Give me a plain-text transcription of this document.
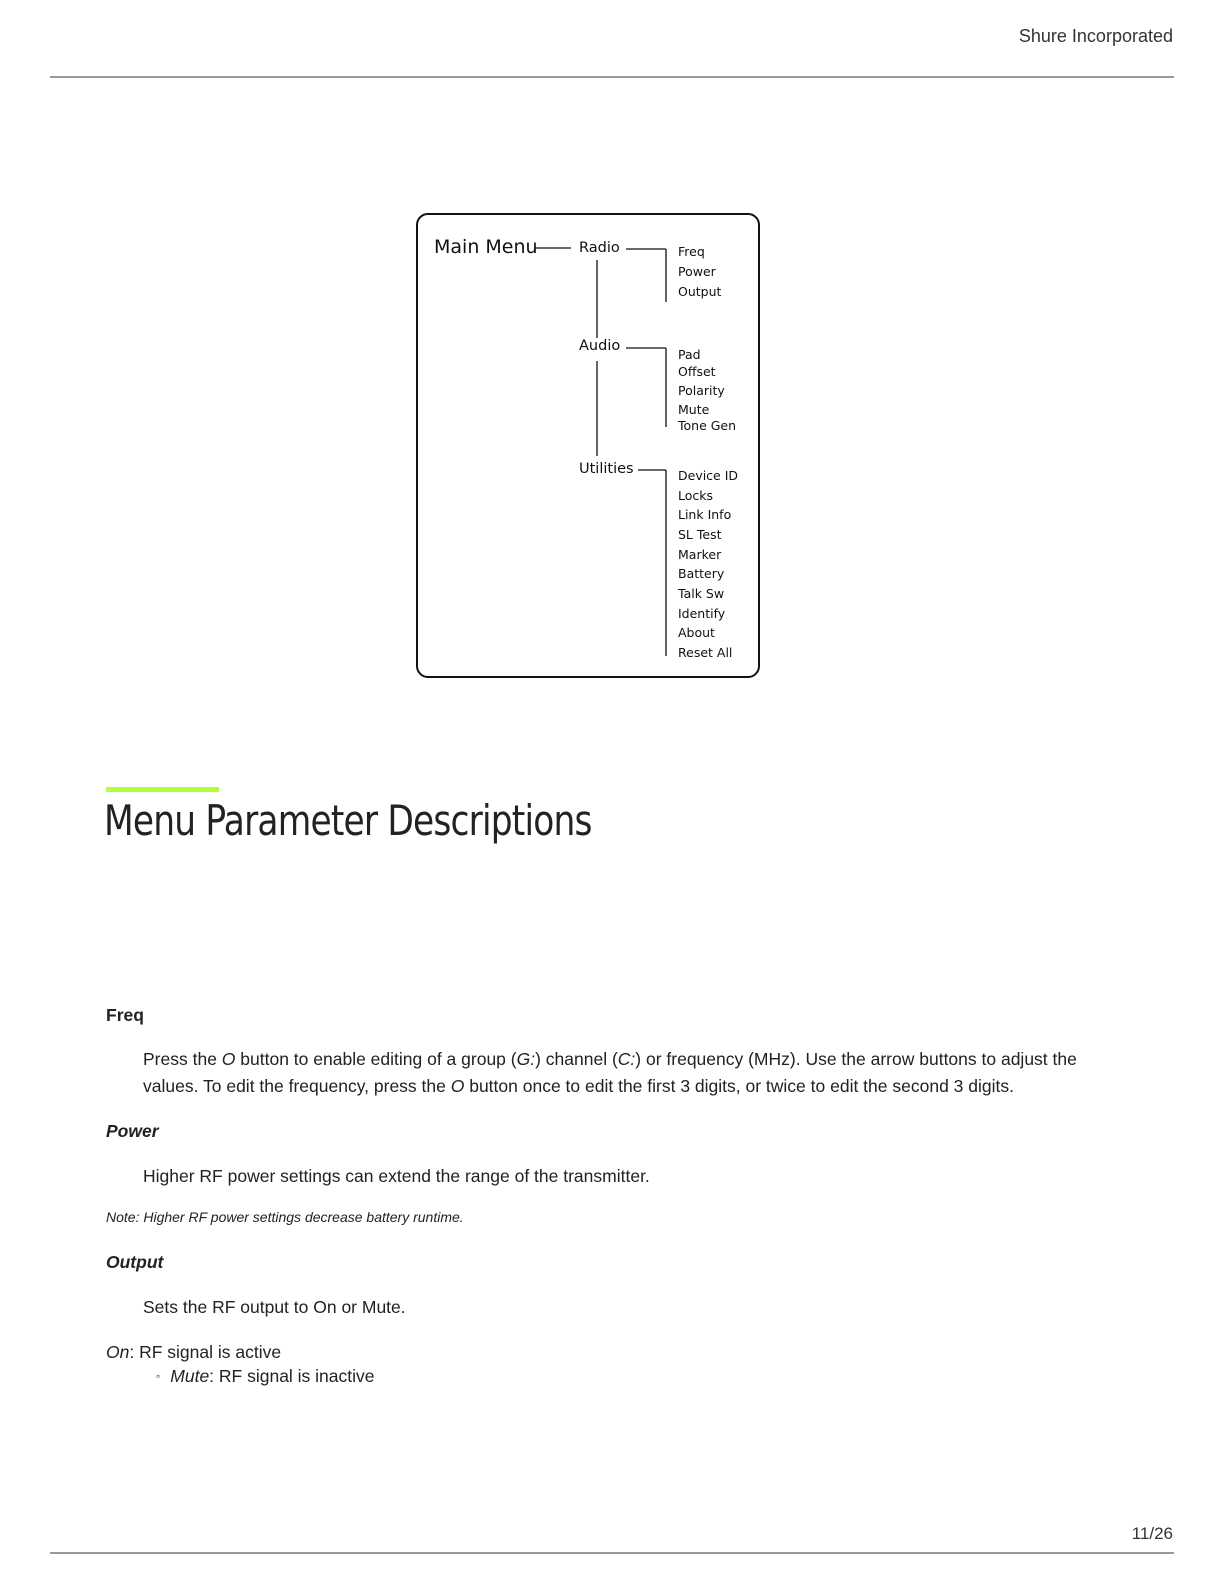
Shure Incorporated
Main Menu	Radio	Freq
Power
Output
Audio
Pad
Offset
Polarity
Mute
Tone Gen
Utilities	Device ID
Locks
Link Info
SL Test
Marker
Battery
Talk Sw
Identify
About
Reset All
Menu Parameter Descriptions
Freq

Press the O button to enable editing of a group (G:) channel (C:) or frequency (MHz). Use the arrow buttons to adjust the

values. To edit the frequency, press the O button once to edit the first 3 digits, or twice to edit the second 3 digits.

Power

Higher RF power settings can extend the range of the transmitter.

Note: Higher RF power settings decrease battery runtime.
Output

Sets the RF output to On or Mute.

On: RF signal is active

◦ Mute: RF signal is inactive
11/26
